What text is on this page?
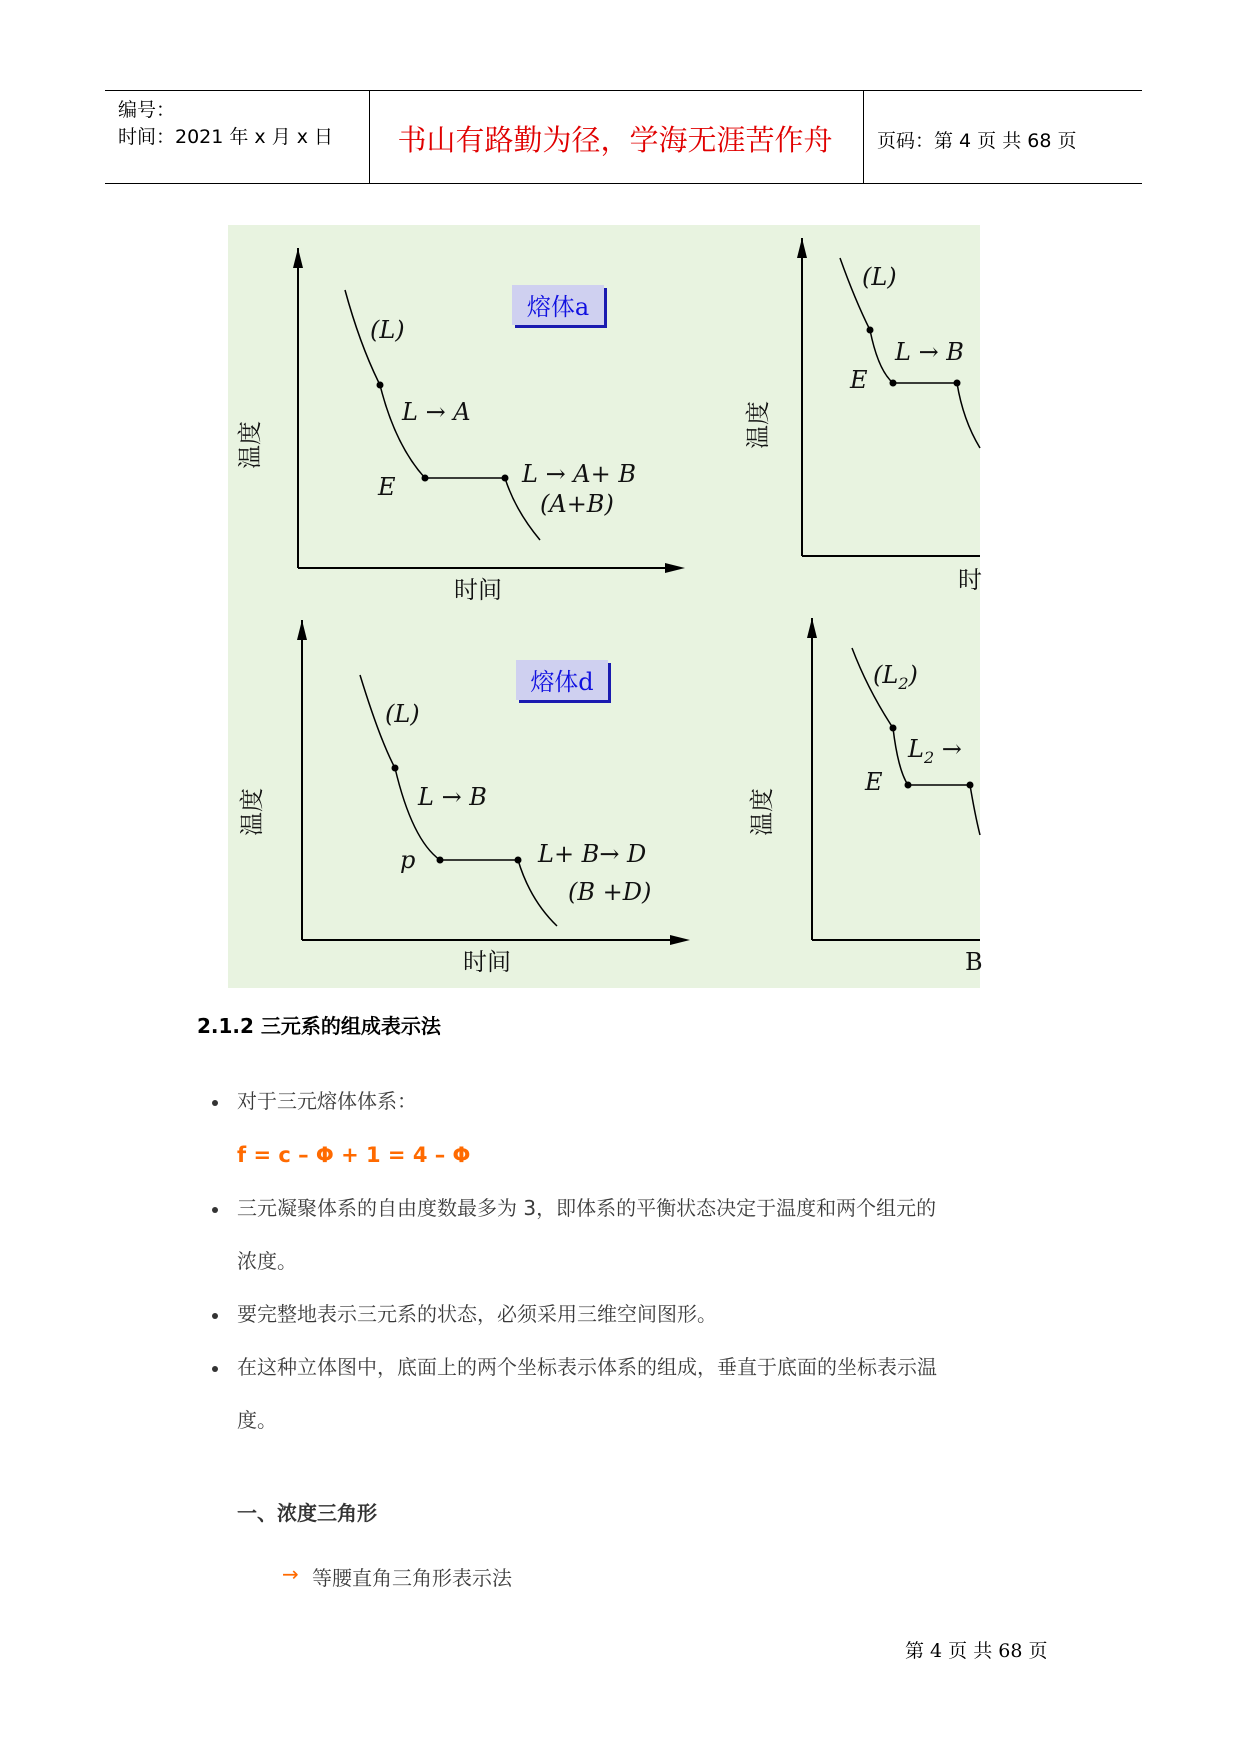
编号：
时间：2021 年 x 月 x 日	书山有路勤为径，学海无涯苦作舟	页码：第 4 页 共 68 页
熔体a
(L)
L → A
E	L → A+ B
(A+B)
温度
时间
(L)
L → B
E
温度
时
熔体d
(L)
L → B
p	L+ B→ D
(B +D)
温度
时间
$(L_2)$
$L_2$ →
E
温度
B
2.1.2 三元系的组成表示法
对于三元熔体体系：
f = c – Φ + 1 = 4 – Φ
三元凝聚体系的自由度数最多为 3，即体系的平衡状态决定于温度和两个组元的
浓度。
要完整地表示三元系的状态，必须采用三维空间图形。
在这种立体图中，底面上的两个坐标表示体系的组成，垂直于底面的坐标表示温
度。
一、浓度三角形
→ 等腰直角三角形表示法
第 4 页 共 68 页
